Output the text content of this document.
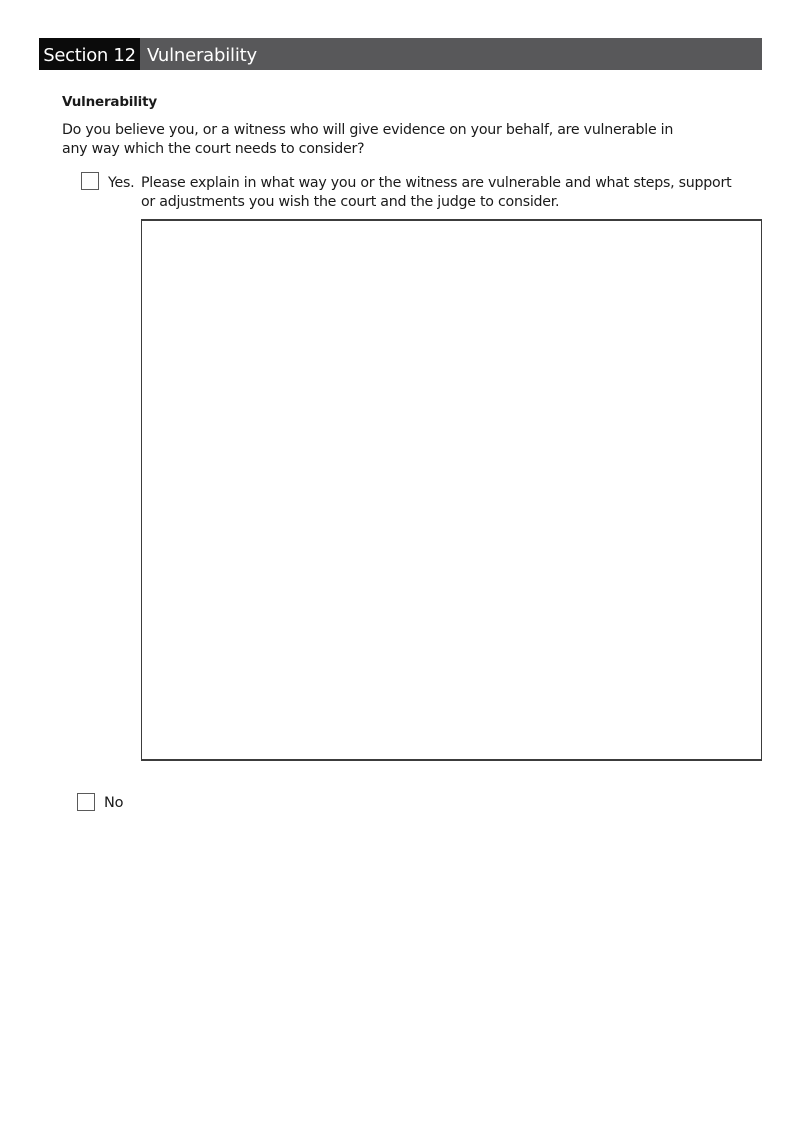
Section 12 Vulnerability
Vulnerability
Do you believe you, or a witness who will give evidence on your behalf, are vulnerable in
any way which the court needs to consider?
Yes. Please explain in what way you or the witness are vulnerable and what steps, support
or adjustments you wish the court and the judge to consider.
No
